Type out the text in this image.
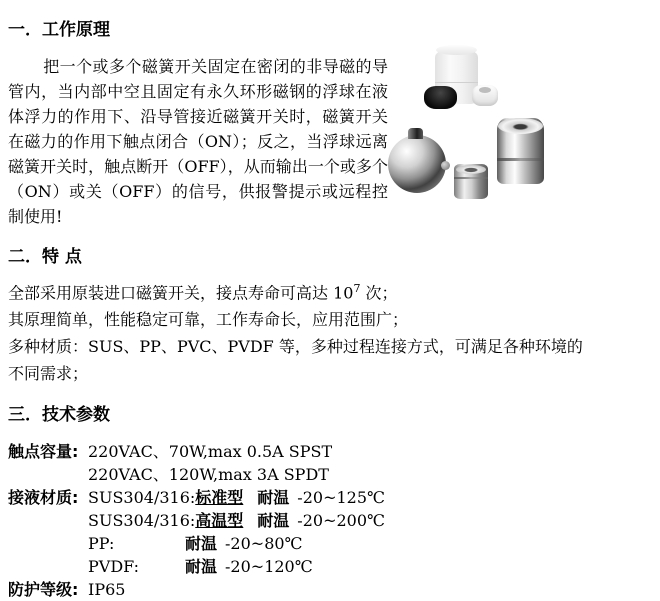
一．工作原理

把一个或多个磁簧开关固定在密闭的非导磁的导管内，当内部中空且固定有永久环形磁钢的浮球在液体浮力的作用下、沿导管接近磁簧开关时，磁簧开关在磁力的作用下触点闭合（ON）；反之，当浮球远离磁簧开关时，触点断开（OFF），从而输出一个或多个（ON）或关（OFF）的信号，供报警提示或远程控制使用!

二．特 点
全部采用原装进口磁簧开关，接点寿命可高达 $10^7$ 次；
其原理简单，性能稳定可靠，工作寿命长，应用范围广；
多种材质：SUS、PP、PVC、PVDF 等，多种过程连接方式，可满足各种环境的不同需求；
三．技术参数
触点容量: 220VAC、70W,max 0.5A SPST
220VAC、120W,max 3A SPDT
接液材质: SUS304/316: 标准型 耐温 -20~125℃
SUS304/316: 高温型 耐温 -20~200℃
PP:	耐温 -20~80℃
PVDF:	耐温 -20~120℃
防护等级: IP65
